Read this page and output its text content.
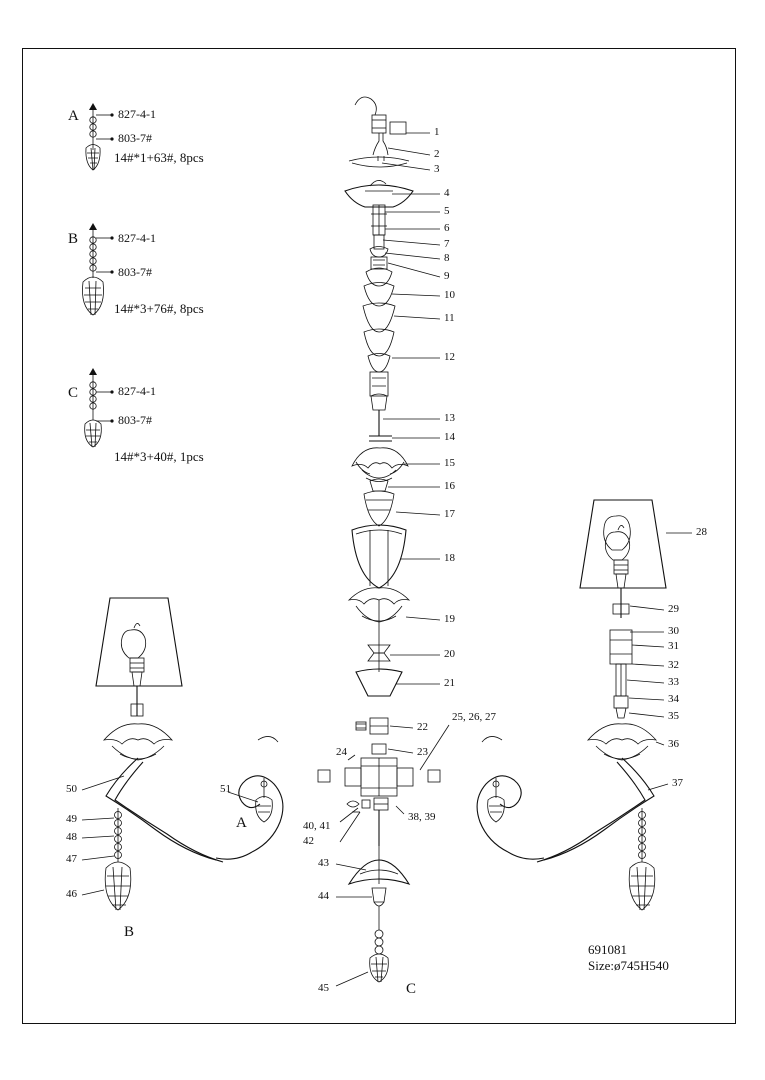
A	827-4-1
803-7#
14#*1+63#, 8pcs
B	827-4-1
803-7#
14#*3+76#, 8pcs
C	827-4-1
803-7#
14#*3+40#, 1pcs
A
B
C
691081
Size:ø745H540
1
2
3
4
5
6
7
8
9
10
11
12
13
14
15
16
17
18
19
20
21
22
23
24
25, 26, 27
28
29
30
31
32
33
34
35
36
37
38, 39
40, 41
42
43
44
45
46
47
48
49
50	51
